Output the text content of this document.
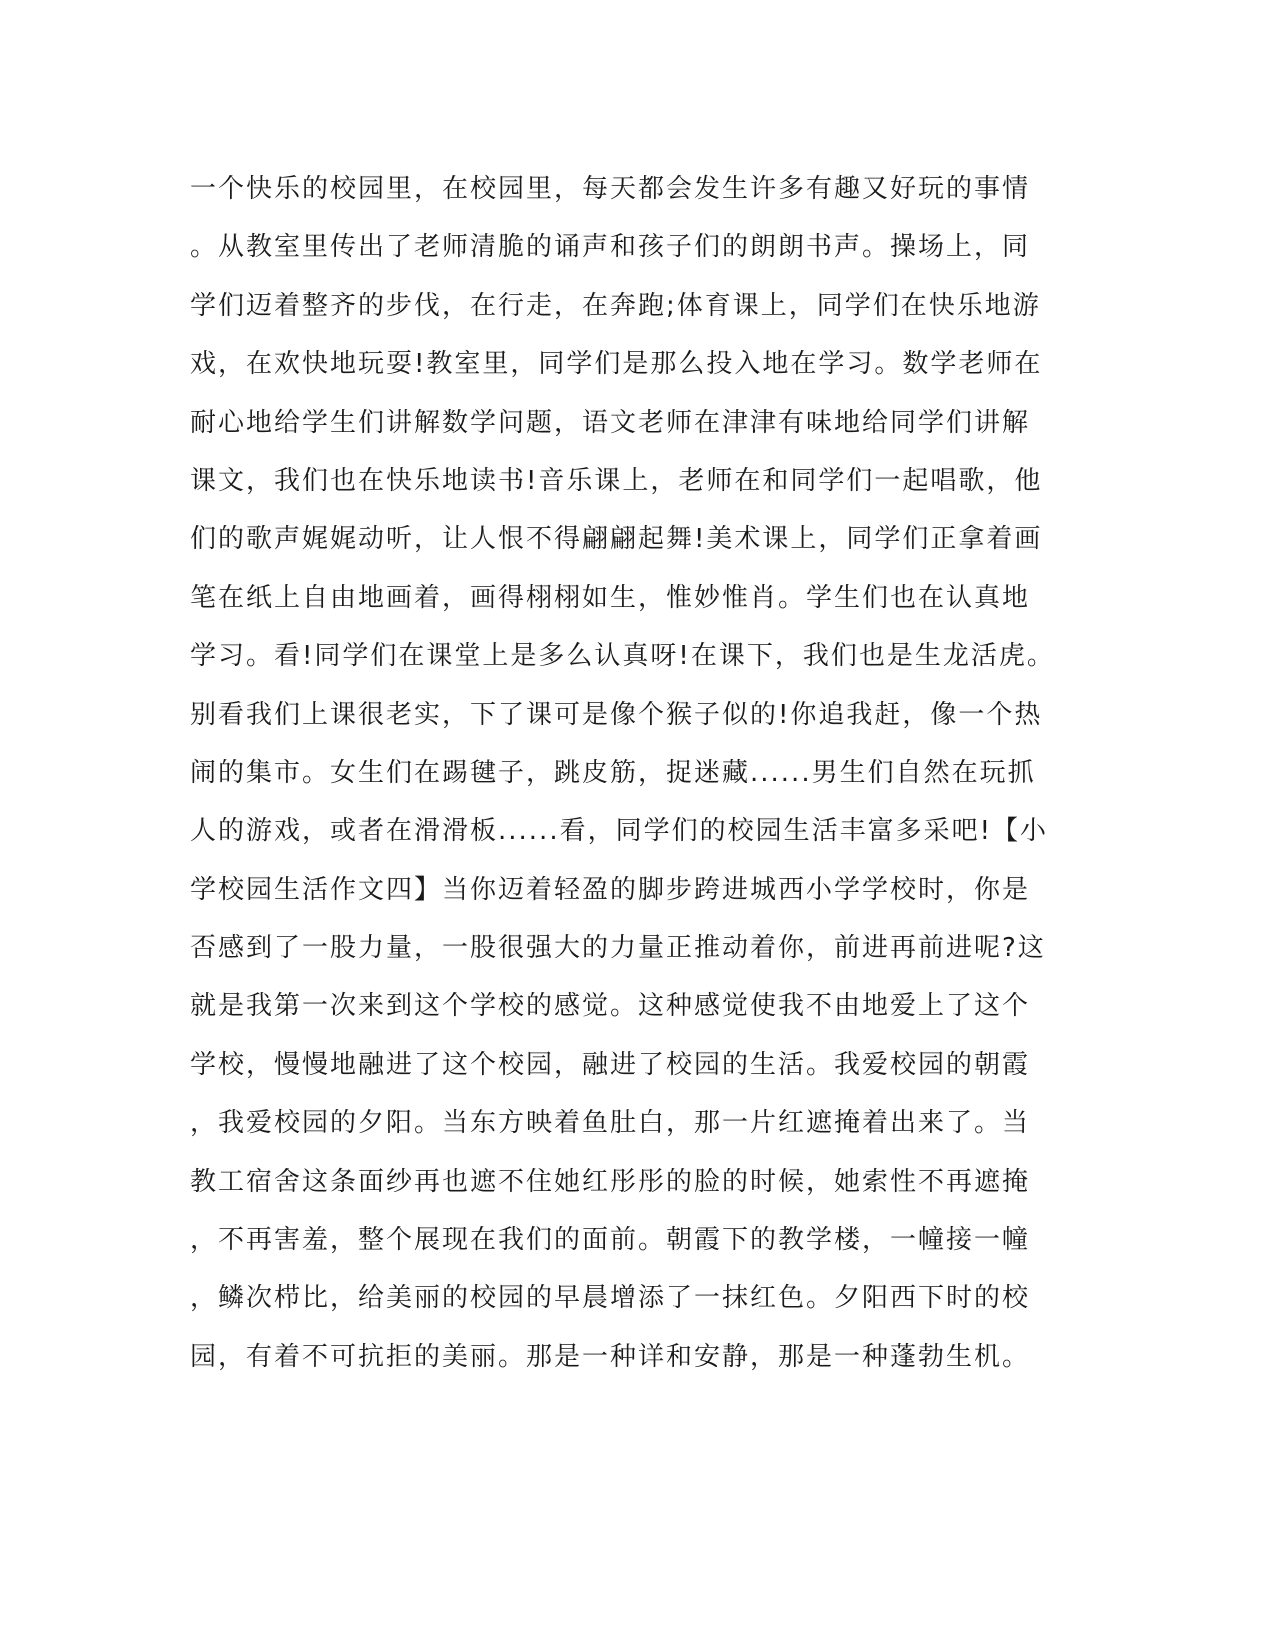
一个快乐的校园里，在校园里，每天都会发生许多有趣又好玩的事情
。从教室里传出了老师清脆的诵声和孩子们的朗朗书声。操场上，同
学们迈着整齐的步伐，在行走，在奔跑;体育课上，同学们在快乐地游
戏，在欢快地玩耍!教室里，同学们是那么投入地在学习。数学老师在
耐心地给学生们讲解数学问题，语文老师在津津有味地给同学们讲解
课文，我们也在快乐地读书!音乐课上，老师在和同学们一起唱歌，他
们的歌声娓娓动听，让人恨不得翩翩起舞!美术课上，同学们正拿着画
笔在纸上自由地画着，画得栩栩如生，惟妙惟肖。学生们也在认真地
学习。看!同学们在课堂上是多么认真呀!在课下，我们也是生龙活虎。
别看我们上课很老实，下了课可是像个猴子似的!你追我赶，像一个热
闹的集市。女生们在踢毽子，跳皮筋，捉迷藏......男生们自然在玩抓
人的游戏，或者在滑滑板......看，同学们的校园生活丰富多采吧!【小
学校园生活作文四】当你迈着轻盈的脚步跨进城西小学学校时，你是
否感到了一股力量，一股很强大的力量正推动着你，前进再前进呢?这
就是我第一次来到这个学校的感觉。这种感觉使我不由地爱上了这个
学校，慢慢地融进了这个校园，融进了校园的生活。我爱校园的朝霞
，我爱校园的夕阳。当东方映着鱼肚白，那一片红遮掩着出来了。当
教工宿舍这条面纱再也遮不住她红彤彤的脸的时候，她索性不再遮掩
，不再害羞，整个展现在我们的面前。朝霞下的教学楼，一幢接一幢
，鳞次栉比，给美丽的校园的早晨增添了一抹红色。夕阳西下时的校
园，有着不可抗拒的美丽。那是一种详和安静，那是一种蓬勃生机。
